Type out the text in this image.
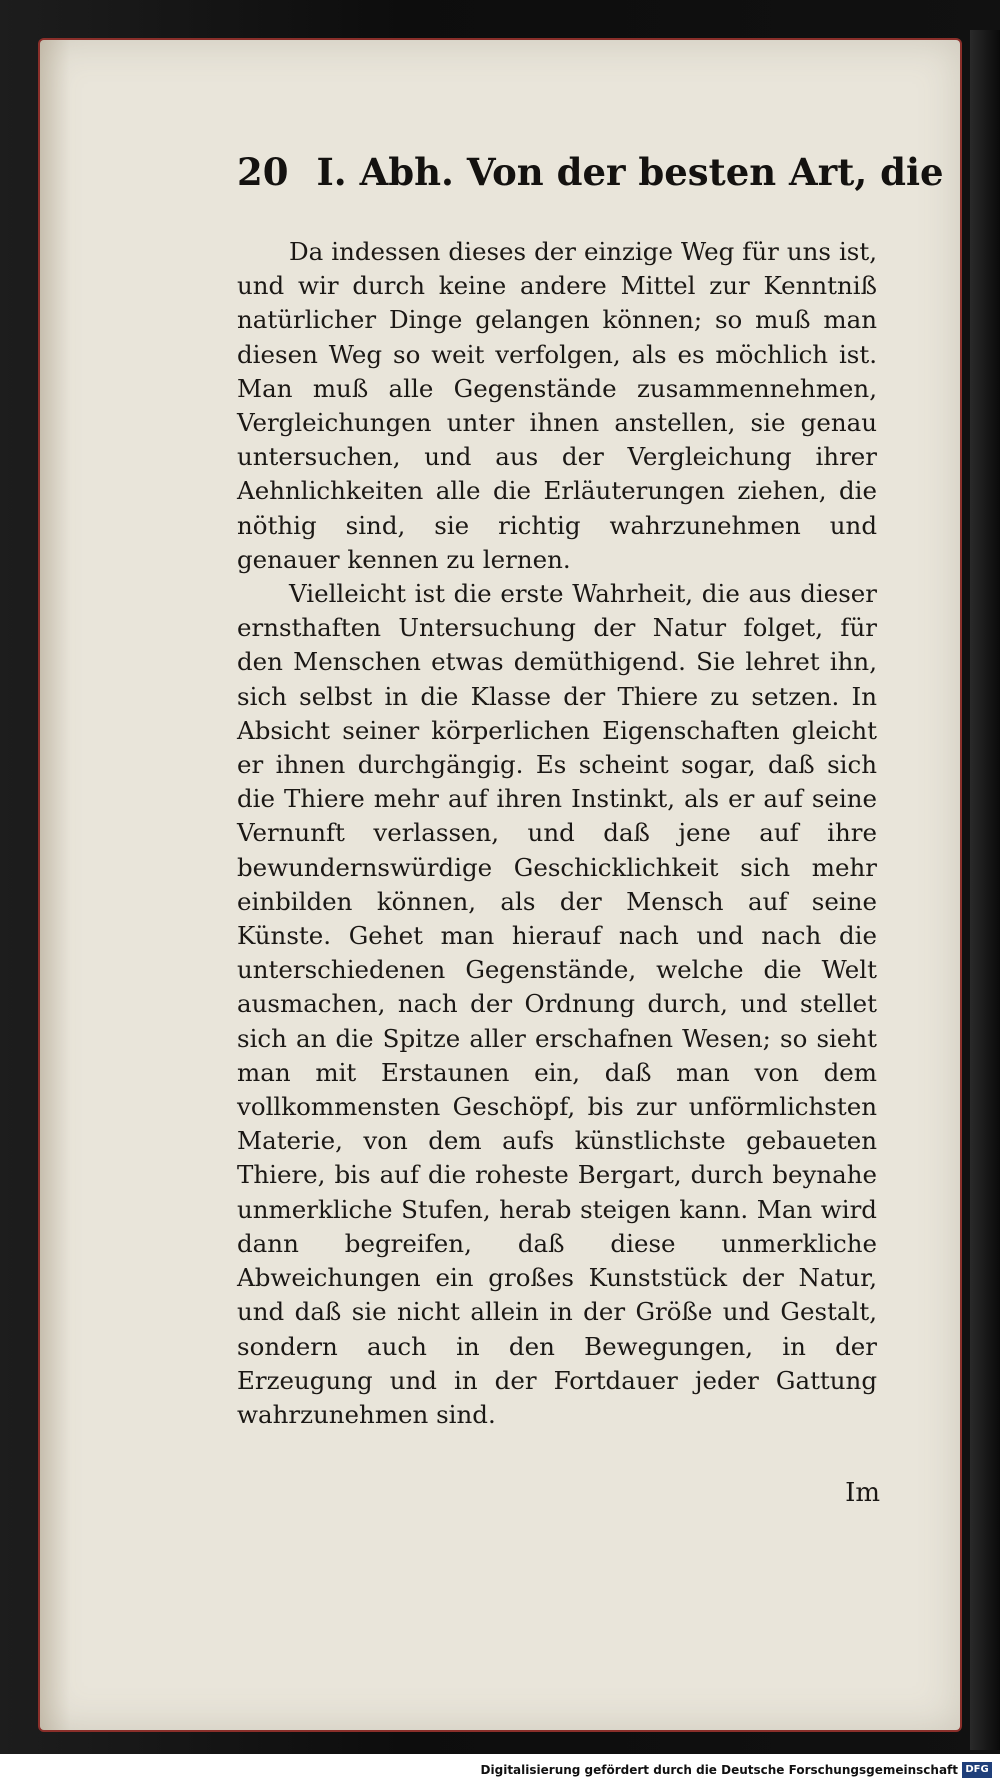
20 I. Abh. Von der besten Art, die

Da indessen dieses der einzige Weg für uns ist, und wir durch keine andere Mittel zur Kenntniß natürlicher Dinge gelangen können; so muß man diesen Weg so weit verfolgen, als es möchlich ist. Man muß alle Gegenstände zusammennehmen, Vergleichungen unter ihnen anstellen, sie genau untersuchen, und aus der Vergleichung ihrer Aehnlichkeiten alle die Erläuterungen ziehen, die nöthig sind, sie richtig wahrzunehmen und genauer kennen zu lernen.

Vielleicht ist die erste Wahrheit, die aus dieser ernsthaften Untersuchung der Natur folget, für den Menschen etwas demüthigend. Sie lehret ihn, sich selbst in die Klasse der Thiere zu setzen. In Absicht seiner körperlichen Eigenschaften gleicht er ihnen durchgängig. Es scheint sogar, daß sich die Thiere mehr auf ihren Instinkt, als er auf seine Vernunft verlassen, und daß jene auf ihre bewundernswürdige Geschicklichkeit sich mehr einbilden können, als der Mensch auf seine Künste. Gehet man hierauf nach und nach die unterschiedenen Gegenstände, welche die Welt ausmachen, nach der Ordnung durch, und stellet sich an die Spitze aller erschafnen Wesen; so sieht man mit Erstaunen ein, daß man von dem vollkommensten Geschöpf, bis zur unförmlichsten Materie, von dem aufs künstlichste gebaueten Thiere, bis auf die roheste Bergart, durch beynahe unmerkliche Stufen, herab steigen kann. Man wird dann begreifen, daß diese unmerkliche Abweichungen ein großes Kunststück der Natur, und daß sie nicht allein in der Größe und Gestalt, sondern auch in den Bewegungen, in der Erzeugung und in der Fortdauer jeder Gattung wahrzunehmen sind.

Im
Digitalisierung gefördert durch die Deutsche Forschungsgemeinschaft DFG
